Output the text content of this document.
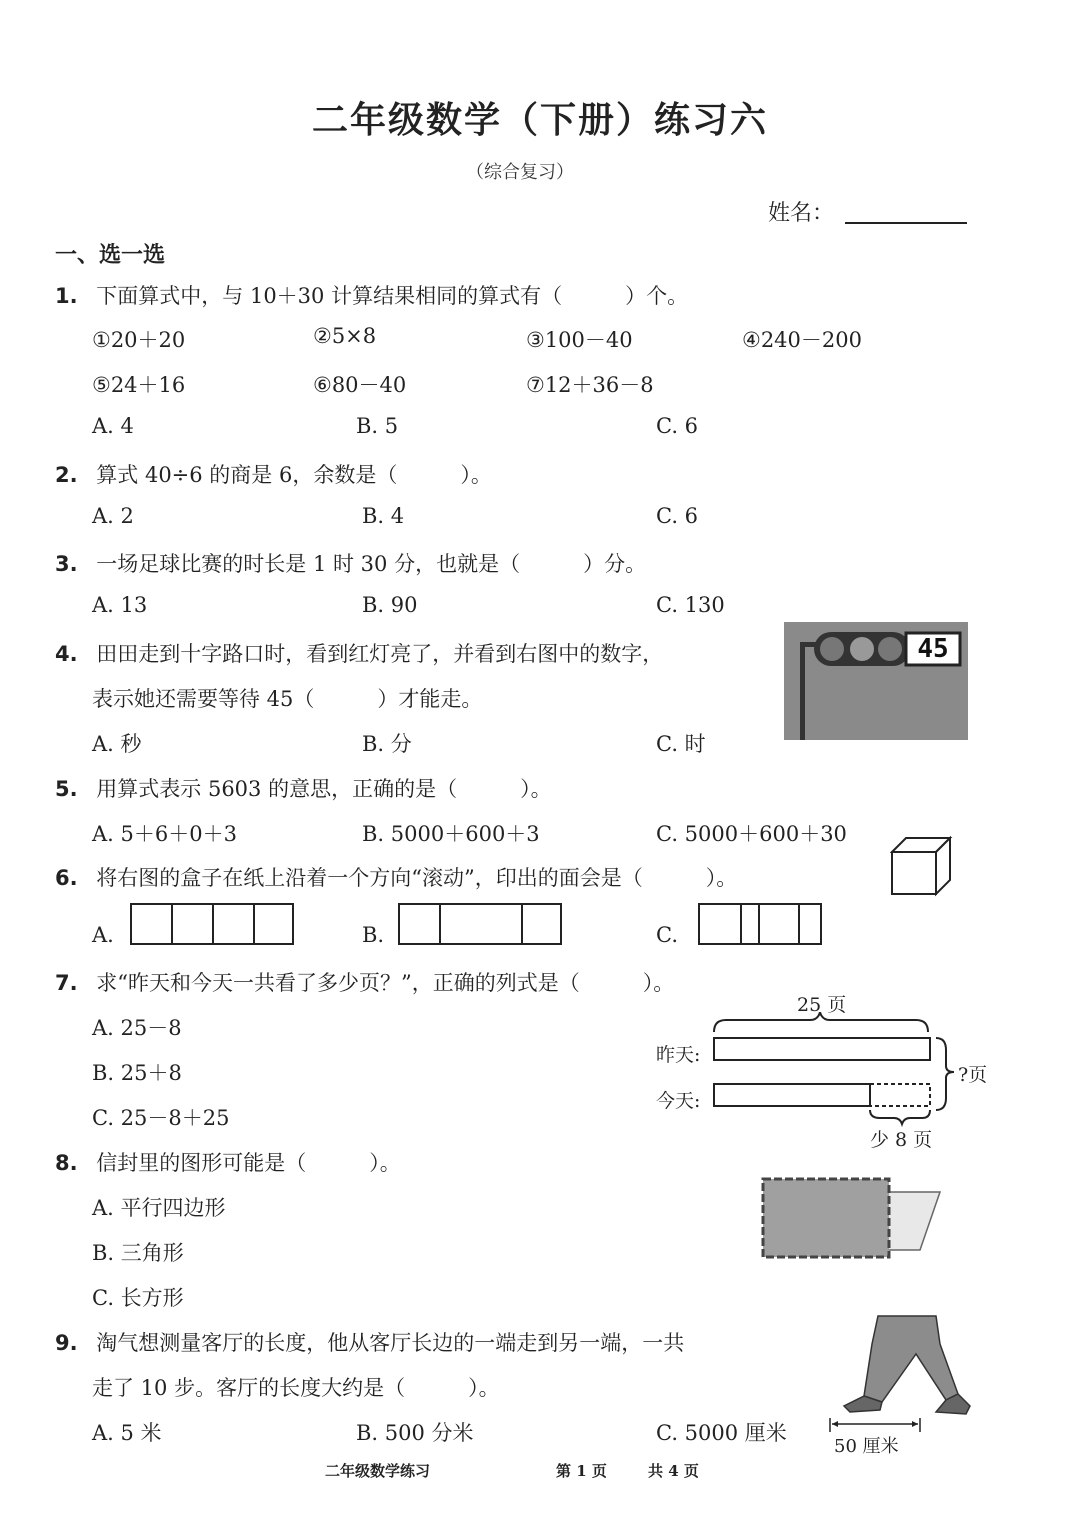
二年级数学（下册）练习六
（综合复习）
姓名：
一、选一选
1. 下面算式中，与 10＋30 计算结果相同的算式有（　　　）个。
①20＋20	②5×8	③100－40	④240－200
⑤24＋16	⑥80－40	⑦12＋36－8
A. 4	B. 5	C. 6
2. 算式 40÷6 的商是 6，余数是（　　　）。
A. 2	B. 4	C. 6
3. 一场足球比赛的时长是 1 时 30 分，也就是（　　　）分。
A. 13	B. 90	C. 130
4. 田田走到十字路口时，看到红灯亮了，并看到右图中的数字，
表示她还需要等待 45（　　　）才能走。
A. 秒	B. 分	C. 时
45
5. 用算式表示 5603 的意思，正确的是（　　　）。
A. 5＋6＋0＋3	B. 5000＋600＋3	C. 5000＋600＋30
6. 将右图的盒子在纸上沿着一个方向“滚动”，印出的面会是（　　　）。
A.	B.	C.
7. 求“昨天和今天一共看了多少页？”，正确的列式是（　　　）。
A. 25－8
B. 25＋8
C. 25－8＋25
25 页
昨天:
今天:
?页
少 8 页
8. 信封里的图形可能是（　　　）。
A. 平行四边形
B. 三角形
C. 长方形
9. 淘气想测量客厅的长度，他从客厅长边的一端走到另一端，一共
走了 10 步。客厅的长度大约是（　　　）。
A. 5 米	B. 500 分米	C. 5000 厘米
50 厘米
二年级数学练习	第 1 页	共 4 页
